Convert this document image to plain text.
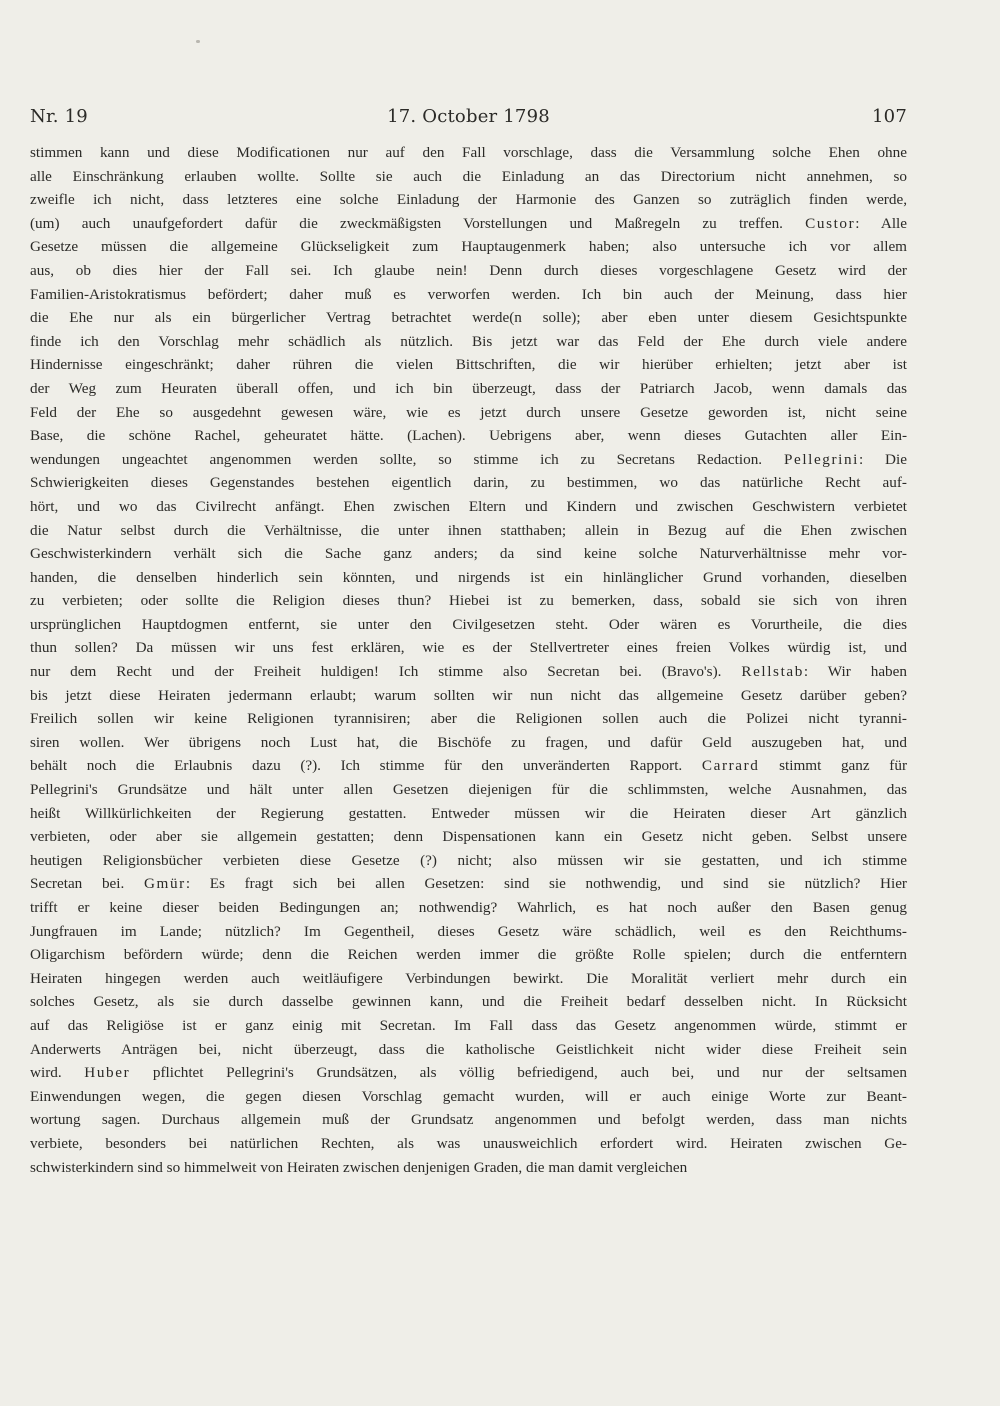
Nr. 19	17. October 1798	107
stimmen kann und diese Modificationen nur auf den Fall vorschlage, dass die Versammlung solche Ehen ohne
alle Einschränkung erlauben wollte. Sollte sie auch die Einladung an das Directorium nicht annehmen, so
zweifle ich nicht, dass letzteres eine solche Einladung der Harmonie des Ganzen so zuträglich finden werde,
(um) auch unaufgefordert dafür die zweckmäßigsten Vorstellungen und Maßregeln zu treffen. Custor: Alle
Gesetze müssen die allgemeine Glückseligkeit zum Hauptaugenmerk haben; also untersuche ich vor allem
aus, ob dies hier der Fall sei. Ich glaube nein! Denn durch dieses vorgeschlagene Gesetz wird der
Familien-Aristokratismus befördert; daher muß es verworfen werden. Ich bin auch der Meinung, dass hier
die Ehe nur als ein bürgerlicher Vertrag betrachtet werde(n solle); aber eben unter diesem Gesichtspunkte
finde ich den Vorschlag mehr schädlich als nützlich. Bis jetzt war das Feld der Ehe durch viele andere
Hindernisse eingeschränkt; daher rühren die vielen Bittschriften, die wir hierüber erhielten; jetzt aber ist
der Weg zum Heuraten überall offen, und ich bin überzeugt, dass der Patriarch Jacob, wenn damals das
Feld der Ehe so ausgedehnt gewesen wäre, wie es jetzt durch unsere Gesetze geworden ist, nicht seine
Base, die schöne Rachel, geheuratet hätte. (Lachen). Uebrigens aber, wenn dieses Gutachten aller Ein-
wendungen ungeachtet angenommen werden sollte, so stimme ich zu Secretans Redaction. Pellegrini: Die
Schwierigkeiten dieses Gegenstandes bestehen eigentlich darin, zu bestimmen, wo das natürliche Recht auf-
hört, und wo das Civilrecht anfängt. Ehen zwischen Eltern und Kindern und zwischen Geschwistern verbietet
die Natur selbst durch die Verhältnisse, die unter ihnen statthaben; allein in Bezug auf die Ehen zwischen
Geschwisterkindern verhält sich die Sache ganz anders; da sind keine solche Naturverhältnisse mehr vor-
handen, die denselben hinderlich sein könnten, und nirgends ist ein hinlänglicher Grund vorhanden, dieselben
zu verbieten; oder sollte die Religion dieses thun? Hiebei ist zu bemerken, dass, sobald sie sich von ihren
ursprünglichen Hauptdogmen entfernt, sie unter den Civilgesetzen steht. Oder wären es Vorurtheile, die dies
thun sollen? Da müssen wir uns fest erklären, wie es der Stellvertreter eines freien Volkes würdig ist, und
nur dem Recht und der Freiheit huldigen! Ich stimme also Secretan bei. (Bravo's). Rellstab: Wir haben
bis jetzt diese Heiraten jedermann erlaubt; warum sollten wir nun nicht das allgemeine Gesetz darüber geben?
Freilich sollen wir keine Religionen tyrannisiren; aber die Religionen sollen auch die Polizei nicht tyranni-
siren wollen. Wer übrigens noch Lust hat, die Bischöfe zu fragen, und dafür Geld auszugeben hat, und
behält noch die Erlaubnis dazu (?). Ich stimme für den unveränderten Rapport. Carrard stimmt ganz für
Pellegrini's Grundsätze und hält unter allen Gesetzen diejenigen für die schlimmsten, welche Ausnahmen, das
heißt Willkürlichkeiten der Regierung gestatten. Entweder müssen wir die Heiraten dieser Art gänzlich
verbieten, oder aber sie allgemein gestatten; denn Dispensationen kann ein Gesetz nicht geben. Selbst unsere
heutigen Religionsbücher verbieten diese Gesetze (?) nicht; also müssen wir sie gestatten, und ich stimme
Secretan bei. Gmür: Es fragt sich bei allen Gesetzen: sind sie nothwendig, und sind sie nützlich? Hier
trifft er keine dieser beiden Bedingungen an; nothwendig? Wahrlich, es hat noch außer den Basen genug
Jungfrauen im Lande; nützlich? Im Gegentheil, dieses Gesetz wäre schädlich, weil es den Reichthums-
Oligarchism befördern würde; denn die Reichen werden immer die größte Rolle spielen; durch die entferntern
Heiraten hingegen werden auch weitläufigere Verbindungen bewirkt. Die Moralität verliert mehr durch ein
solches Gesetz, als sie durch dasselbe gewinnen kann, und die Freiheit bedarf desselben nicht. In Rücksicht
auf das Religiöse ist er ganz einig mit Secretan. Im Fall dass das Gesetz angenommen würde, stimmt er
Anderwerts Anträgen bei, nicht überzeugt, dass die katholische Geistlichkeit nicht wider diese Freiheit sein
wird. Huber pflichtet Pellegrini's Grundsätzen, als völlig befriedigend, auch bei, und nur der seltsamen
Einwendungen wegen, die gegen diesen Vorschlag gemacht wurden, will er auch einige Worte zur Beant-
wortung sagen. Durchaus allgemein muß der Grundsatz angenommen und befolgt werden, dass man nichts
verbiete, besonders bei natürlichen Rechten, als was unausweichlich erfordert wird. Heiraten zwischen Ge-
schwisterkindern sind so himmelweit von Heiraten zwischen denjenigen Graden, die man damit vergleichen
